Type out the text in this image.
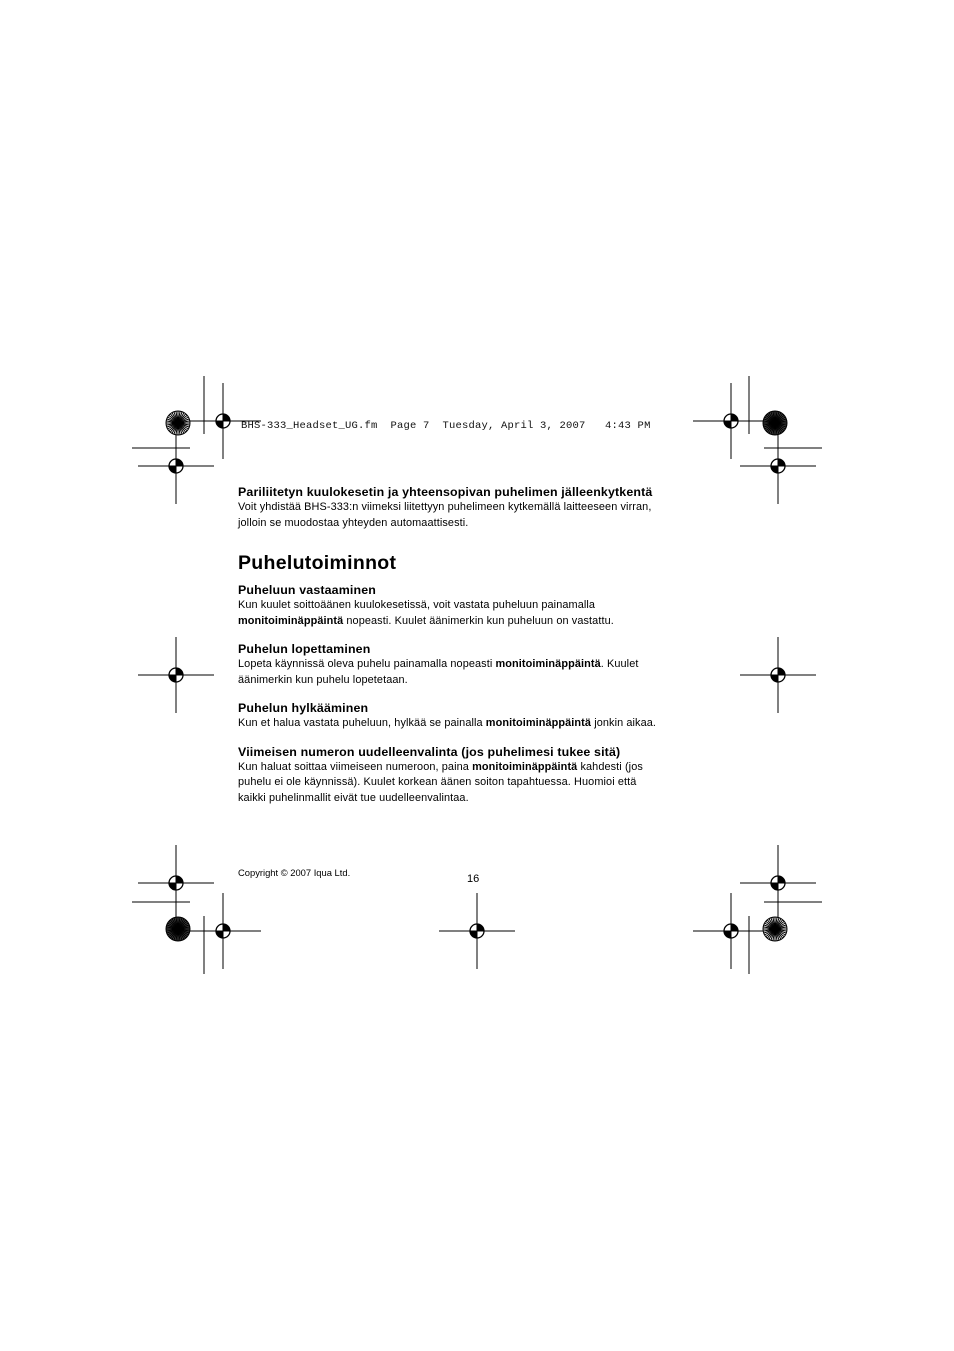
BHS-333_Headset_UG.fm  Page 7  Tuesday, April 3, 2007   4:43 PM

Pariliitetyn kuulokesetin ja yhteensopivan puhelimen jälleenkytkentä

Voit yhdistää BHS-333:n viimeksi liitettyyn puhelimeen kytkemällä laitteeseen virran,
jolloin se muodostaa yhteyden automaattisesti.

Puhelutoiminnot

Puheluun vastaaminen

Kun kuulet soittoäänen kuulokesetissä, voit vastata puheluun painamalla
monitoiminäppäintä nopeasti. Kuulet äänimerkin kun puheluun on vastattu.

Puhelun lopettaminen

Lopeta käynnissä oleva puhelu painamalla nopeasti monitoiminäppäintä. Kuulet
äänimerkin kun puhelu lopetetaan.

Puhelun hylkääminen

Kun et halua vastata puheluun, hylkää se painalla monitoiminäppäintä jonkin aikaa.

Viimeisen numeron uudelleenvalinta (jos puhelimesi tukee sitä)

Kun haluat soittaa viimeiseen numeroon, paina monitoiminäppäintä kahdesti (jos
puhelu ei ole käynnissä). Kuulet korkean äänen soiton tapahtuessa. Huomioi että
kaikki puhelinmallit eivät tue uudelleenvalintaa.

Copyright © 2007 Iqua Ltd.
16
